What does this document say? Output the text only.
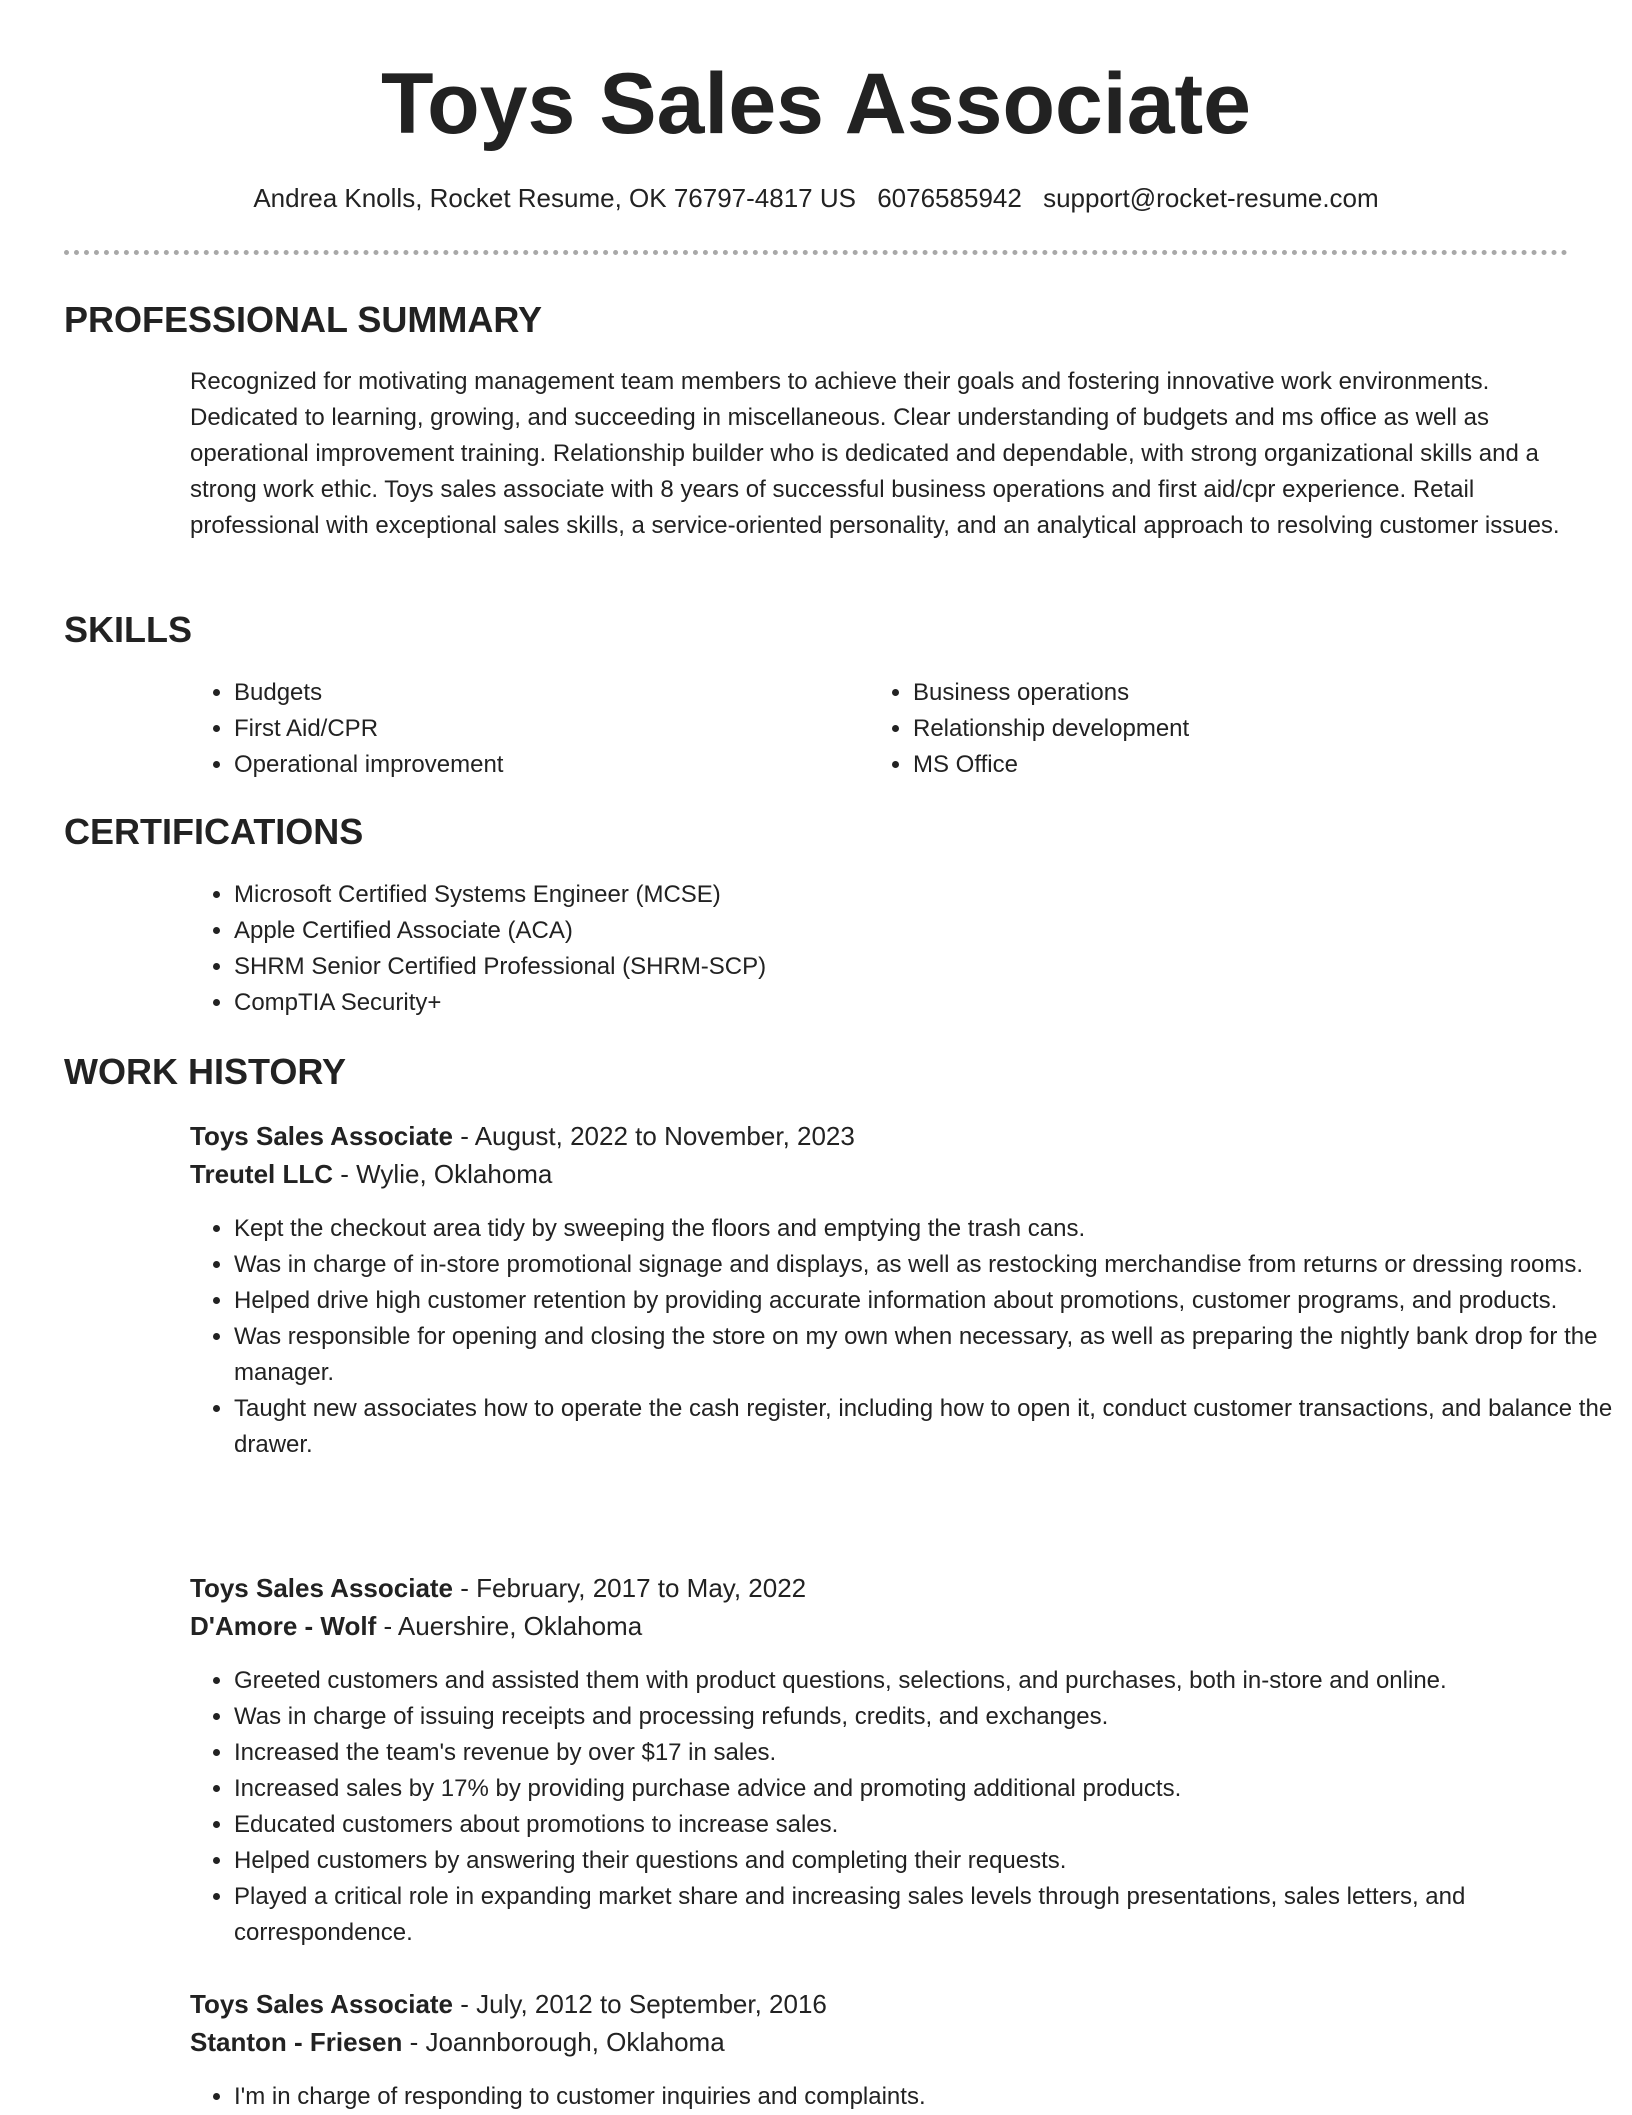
Toys Sales Associate
Andrea Knolls, Rocket Resume, OK 76797-4817 US 6076585942 support@rocket-resume.com
PROFESSIONAL SUMMARY

Recognized for motivating management team members to achieve their goals and fostering innovative work environments. Dedicated to learning, growing, and succeeding in miscellaneous. Clear understanding of budgets and ms office as well as operational improvement training. Relationship builder who is dedicated and dependable, with strong organizational skills and a strong work ethic. Toys sales associate with 8 years of successful business operations and first aid/cpr experience. Retail professional with exceptional sales skills, a service-oriented personality, and an analytical approach to resolving customer issues.

SKILLS
• Budgets
• First Aid/CPR
• Operational improvement
• Business operations
• Relationship development
• MS Office
CERTIFICATIONS
• Microsoft Certified Systems Engineer (MCSE)
• Apple Certified Associate (ACA)
• SHRM Senior Certified Professional (SHRM-SCP)
• CompTIA Security+
WORK HISTORY
Toys Sales Associate - August, 2022 to November, 2023
Treutel LLC - Wylie, Oklahoma
• Kept the checkout area tidy by sweeping the floors and emptying the trash cans.
• Was in charge of in-store promotional signage and displays, as well as restocking merchandise from returns or dressing rooms.
• Helped drive high customer retention by providing accurate information about promotions, customer programs, and products.
• Was responsible for opening and closing the store on my own when necessary, as well as preparing the nightly bank drop for the manager.
• Taught new associates how to operate the cash register, including how to open it, conduct customer transactions, and balance the drawer.
Toys Sales Associate - February, 2017 to May, 2022
D'Amore - Wolf - Auershire, Oklahoma
• Greeted customers and assisted them with product questions, selections, and purchases, both in-store and online.
• Was in charge of issuing receipts and processing refunds, credits, and exchanges.
• Increased the team's revenue by over $17 in sales.
• Increased sales by 17% by providing purchase advice and promoting additional products.
• Educated customers about promotions to increase sales.
• Helped customers by answering their questions and completing their requests.
• Played a critical role in expanding market share and increasing sales levels through presentations, sales letters, and correspondence.
Toys Sales Associate - July, 2012 to September, 2016
Stanton - Friesen - Joannborough, Oklahoma
• I'm in charge of responding to customer inquiries and complaints.
